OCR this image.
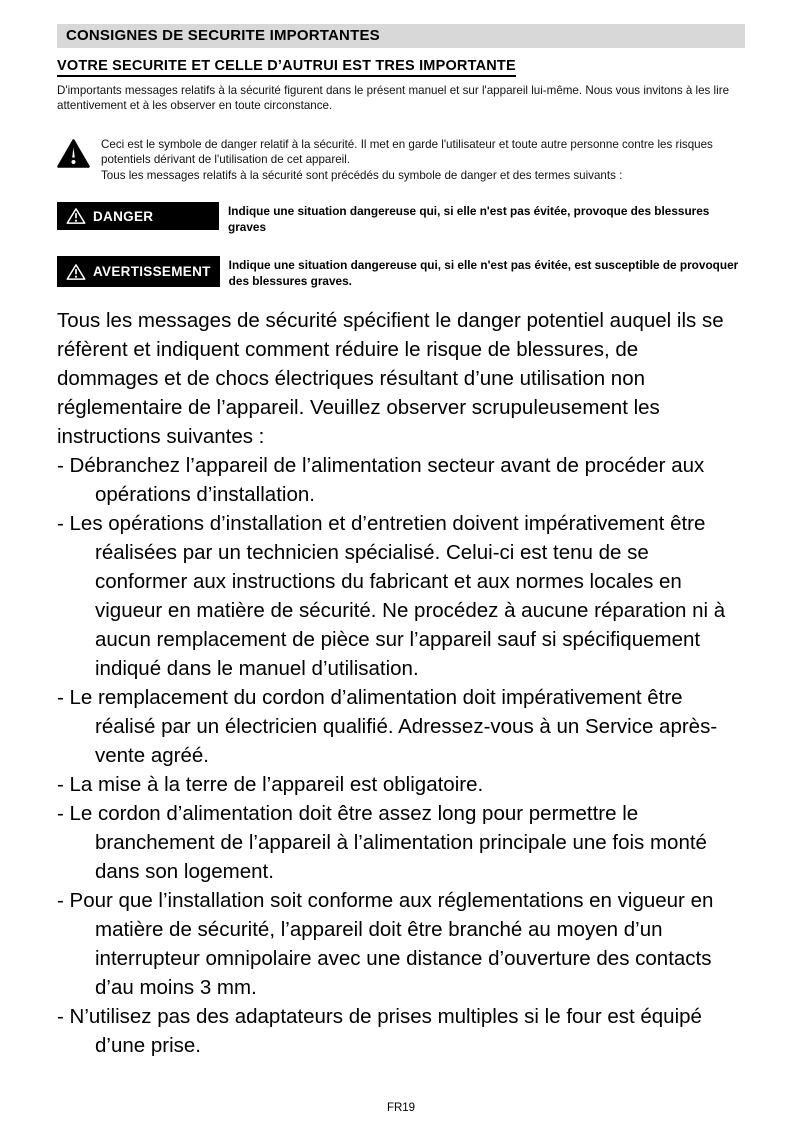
CONSIGNES DE SECURITE IMPORTANTES
VOTRE SECURITE ET CELLE D’AUTRUI EST TRES IMPORTANTE

D'importants messages relatifs à la sécurité figurent dans le présent manuel et sur l'appareil lui-même. Nous vous invitons à les lire attentivement et à les observer en toute circonstance.

Ceci est le symbole de danger relatif à la sécurité. Il met en garde l'utilisateur et toute autre personne contre les risques potentiels dérivant de l'utilisation de cet appareil.

Tous les messages relatifs à la sécurité sont précédés du symbole de danger et des termes suivants :

DANGER	Indique une situation dangereuse qui, si elle n'est pas évitée, provoque des blessures graves

AVERTISSEMENT Indique une situation dangereuse qui, si elle n'est pas évitée, est susceptible de provoquer des blessures graves.

Tous les messages de sécurité spécifient le danger potentiel auquel ils se réfèrent et indiquent comment réduire le risque de blessures, de dommages et de chocs électriques résultant d’une utilisation non réglementaire de l’appareil. Veuillez observer scrupuleusement les instructions suivantes :

- Débranchez l’appareil de l’alimentation secteur avant de procéder aux opérations d’installation.
- Les opérations d’installation et d’entretien doivent impérativement être réalisées par un technicien spécialisé. Celui-ci est tenu de se conformer aux instructions du fabricant et aux normes locales en vigueur en matière de sécurité. Ne procédez à aucune réparation ni à aucun remplacement de pièce sur l’appareil sauf si spécifiquement indiqué dans le manuel d’utilisation.
- Le remplacement du cordon d’alimentation doit impérativement être réalisé par un électricien qualifié. Adressez-vous à un Service après-vente agréé.
- La mise à la terre de l’appareil est obligatoire.
- Le cordon d’alimentation doit être assez long pour permettre le branchement de l’appareil à l’alimentation principale une fois monté dans son logement.
- Pour que l’installation soit conforme aux réglementations en vigueur en matière de sécurité, l’appareil doit être branché au moyen d’un interrupteur omnipolaire avec une distance d’ouverture des contacts d’au moins 3 mm.
- N’utilisez pas des adaptateurs de prises multiples si le four est équipé d’une prise.
FR19
